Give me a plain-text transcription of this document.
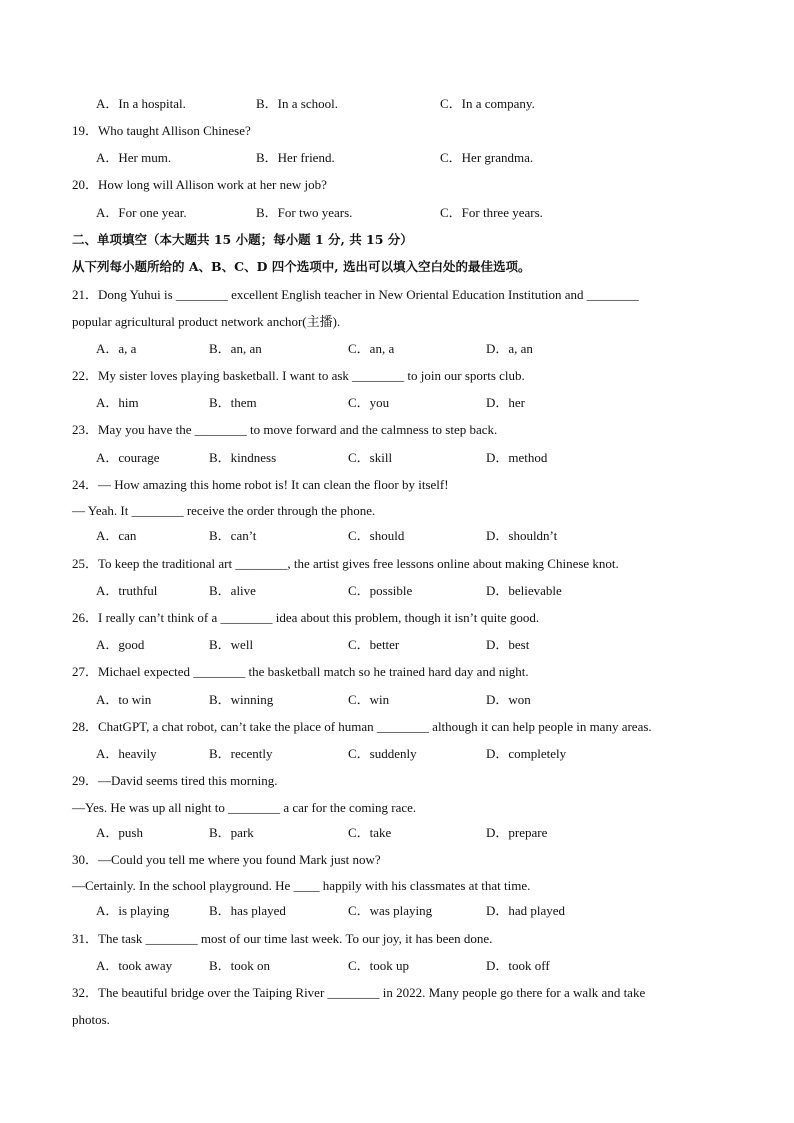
A．In a hospital.	B．In a school.	C．In a company.
19．Who taught Allison Chinese?
A．Her mum.	B．Her friend.	C．Her grandma.
20．How long will Allison work at her new job?
A．For one year.	B．For two years.	C．For three years.
二、单项填空（本大题共 15 小题；每小题 1 分, 共 15 分）
从下列每小题所给的 A、B、C、D 四个选项中, 选出可以填入空白处的最佳选项。
21．Dong Yuhui is ________ excellent English teacher in New Oriental Education Institution and ________
popular agricultural product network anchor(主播).
A．a, a	B．an, an	C．an, a	D．a, an
22．My sister loves playing basketball. I want to ask ________ to join our sports club.
A．him	B．them	C．you	D．her
23．May you have the ________ to move forward and the calmness to step back.
A．courage	B．kindness	C．skill	D．method
24．— How amazing this home robot is! It can clean the floor by itself!
— Yeah. It ________ receive the order through the phone.
A．can	B．can’t	C．should	D．shouldn’t
25．To keep the traditional art ________, the artist gives free lessons online about making Chinese knot.
A．truthful	B．alive	C．possible	D．believable
26．I really can’t think of a ________ idea about this problem, though it isn’t quite good.
A．good	B．well	C．better	D．best
27．Michael expected ________ the basketball match so he trained hard day and night.
A．to win	B．winning	C．win	D．won
28．ChatGPT, a chat robot, can’t take the place of human ________ although it can help people in many areas.
A．heavily	B．recently	C．suddenly	D．completely
29．—David seems tired this morning.
—Yes. He was up all night to ________ a car for the coming race.
A．push	B．park	C．take	D．prepare
30．—Could you tell me where you found Mark just now?
—Certainly. In the school playground. He ____ happily with his classmates at that time.
A．is playing	B．has played	C．was playing	D．had played
31．The task ________ most of our time last week. To our joy, it has been done.
A．took away	B．took on	C．took up	D．took off
32．The beautiful bridge over the Taiping River ________ in 2022. Many people go there for a walk and take
photos.
